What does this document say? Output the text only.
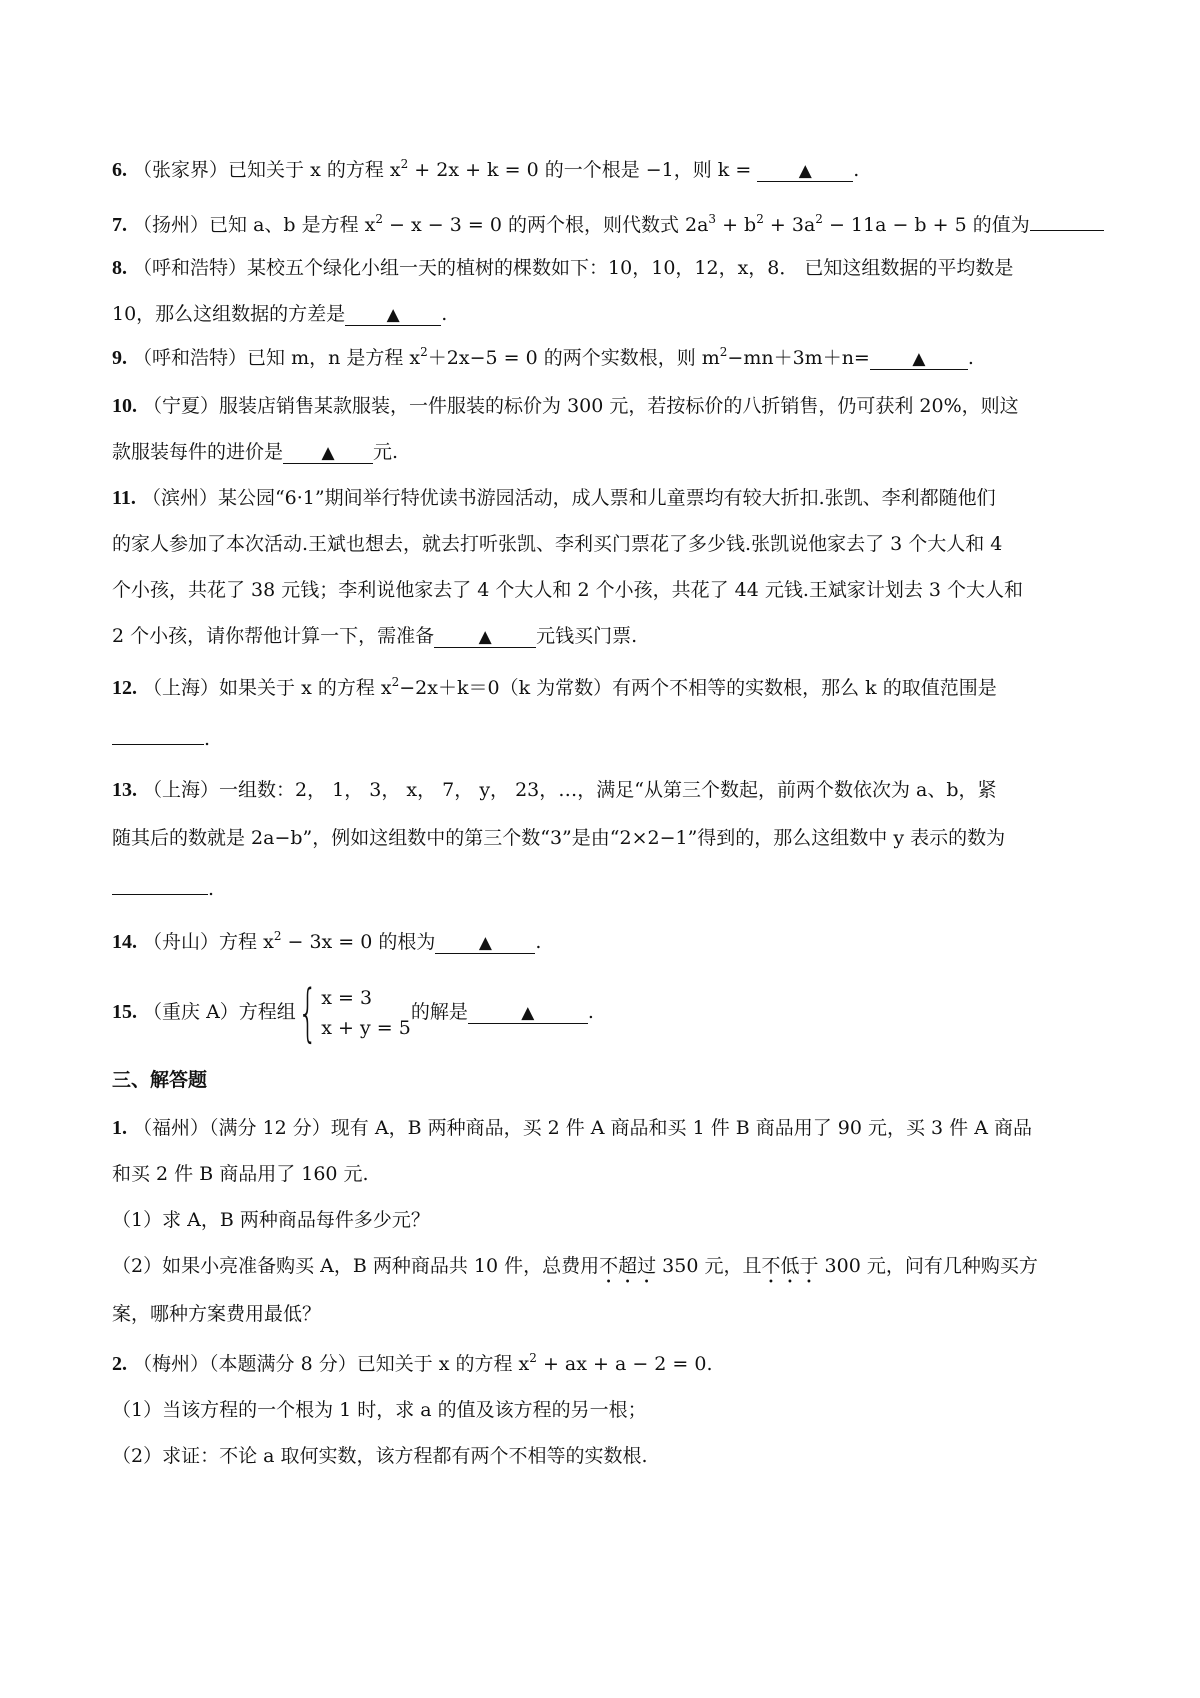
6. （张家界）已知关于 x 的方程 $x^2 + 2x + k = 0$ 的一个根是 −1，则 k = ▲ .
7. （扬州）已知 a、b 是方程 $x^2 - x - 3 = 0$ 的两个根，则代数式 $2a^3 + b^2 + 3a^2 - 11a - b + 5$ 的值为
8. （呼和浩特）某校五个绿化小组一天的植树的棵数如下：10，10，12，x，8． 已知这组数据的平均数是
10，那么这组数据的方差是 ▲ .
9. （呼和浩特）已知 m，n 是方程 $x^2+2x-5 = 0$ 的两个实数根，则 $m^2-mn+3m+n=$ ▲ .
10. （宁夏）服装店销售某款服装，一件服装的标价为 300 元，若按标价的八折销售，仍可获利 20%，则这
款服装每件的进价是 ▲ 元.
11. （滨州）某公园“6·1”期间举行特优读书游园活动，成人票和儿童票均有较大折扣.张凯、李利都随他们
的家人参加了本次活动.王斌也想去，就去打听张凯、李利买门票花了多少钱.张凯说他家去了 3 个大人和 4
个小孩，共花了 38 元钱；李利说他家去了 4 个大人和 2 个小孩，共花了 44 元钱.王斌家计划去 3 个大人和
2 个小孩，请你帮他计算一下，需准备	▲ 元钱买门票.
12. （上海）如果关于 x 的方程 $x^2-2x+k=0(k$ 为常数）有两个不相等的实数根，那么 k 的取值范围是
.
13. （上海）一组数：2， 1， 3， x， 7， y， 23，…，满足“从第三个数起，前两个数依次为 a、b，紧
随其后的数就是 2a−b”，例如这组数中的第三个数“3”是由“2×2−1”得到的，那么这组数中 y 表示的数为
.
14. （舟山）方程 $x^2 - 3x = 0$ 的根为	▲ .
15. （重庆 A）方程组 { x = 3
x + y = 5
的解是	▲	.
三、解答题
1. （福州）（满分 12 分）现有 A，B 两种商品，买 2 件 A 商品和买 1 件 B 商品用了 90 元，买 3 件 A 商品
和买 2 件 B 商品用了 160 元.
（1）求 A，B 两种商品每件多少元？
（2）如果小亮准备购买 A，B 两种商品共 10 件，总费用不超过 350 元，且不低于 300 元，问有几种购买方
案，哪种方案费用最低？
2. （梅州）（本题满分 8 分）已知关于 x 的方程 $x^2$ + ax + a − 2 = 0.
（1）当该方程的一个根为 1 时，求 a 的值及该方程的另一根；
（2）求证：不论 a 取何实数，该方程都有两个不相等的实数根.
